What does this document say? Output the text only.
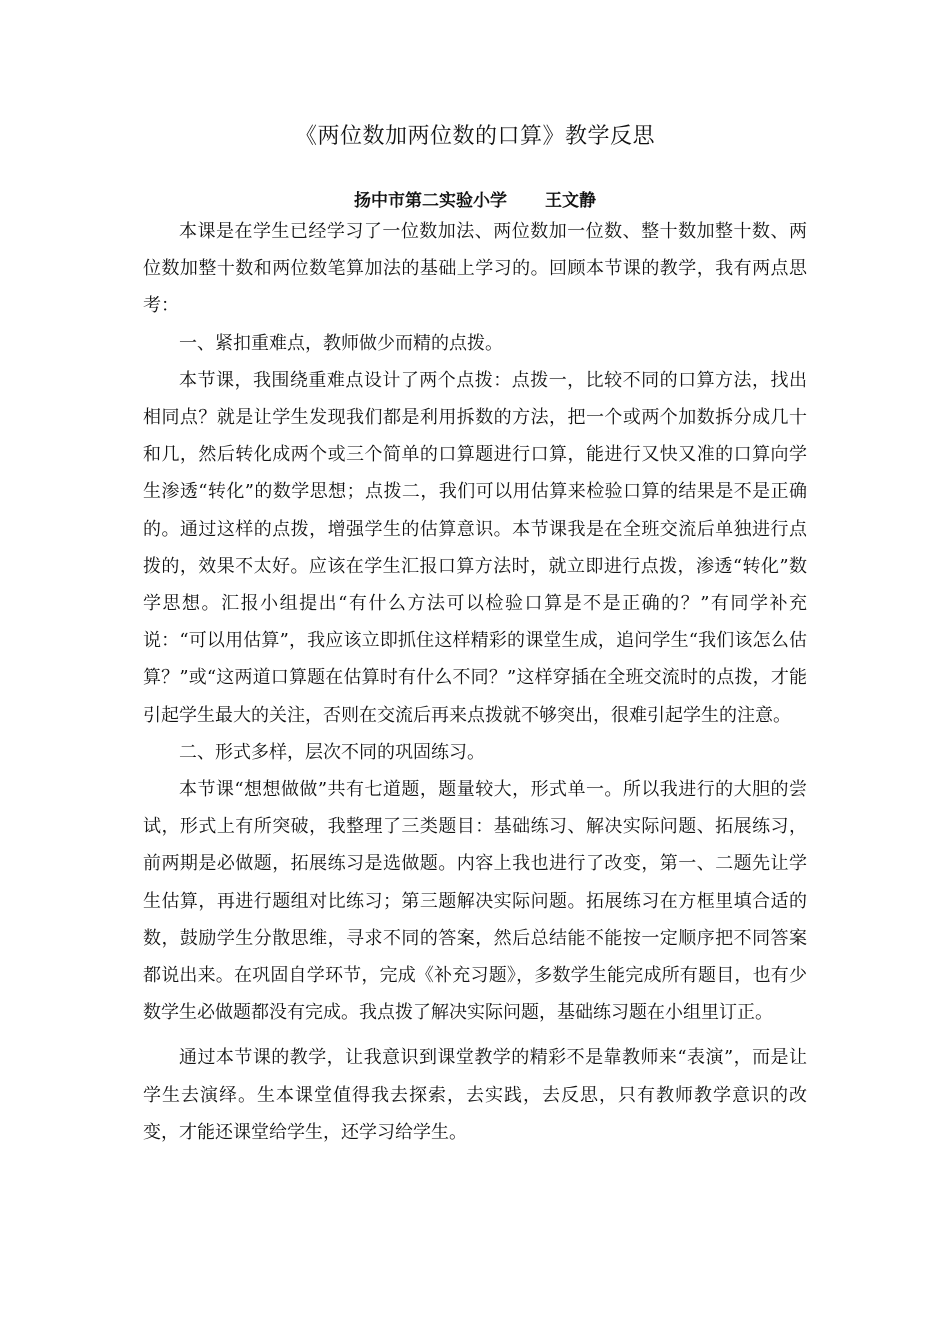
《两位数加两位数的口算》教学反思
扬中市第二实验小学 王文静

本课是在学生已经学习了一位数加法、两位数加一位数、整十数加整十数、两位数加整十数和两位数笔算加法的基础上学习的。回顾本节课的教学，我有两点思考：

一、紧扣重难点，教师做少而精的点拨。

本节课，我围绕重难点设计了两个点拨：点拨一，比较不同的口算方法，找出相同点？就是让学生发现我们都是利用拆数的方法，把一个或两个加数拆分成几十和几，然后转化成两个或三个简单的口算题进行口算，能进行又快又准的口算向学生渗透“转化”的数学思想；点拨二，我们可以用估算来检验口算的结果是不是正确的。通过这样的点拨，增强学生的估算意识。本节课我是在全班交流后单独进行点拨的，效果不太好。应该在学生汇报口算方法时，就立即进行点拨，渗透“转化”数学思想。汇报小组提出“有什么方法可以检验口算是不是正确的？”有同学补充说：“可以用估算”，我应该立即抓住这样精彩的课堂生成，追问学生“我们该怎么估算？”或“这两道口算题在估算时有什么不同？”这样穿插在全班交流时的点拨，才能引起学生最大的关注，否则在交流后再来点拨就不够突出，很难引起学生的注意。

二、形式多样，层次不同的巩固练习。

本节课“想想做做”共有七道题，题量较大，形式单一。所以我进行的大胆的尝试，形式上有所突破，我整理了三类题目：基础练习、解决实际问题、拓展练习，前两期是必做题，拓展练习是选做题。内容上我也进行了改变，第一、二题先让学生估算，再进行题组对比练习；第三题解决实际问题。拓展练习在方框里填合适的数，鼓励学生分散思维，寻求不同的答案，然后总结能不能按一定顺序把不同答案都说出来。在巩固自学环节，完成《补充习题》，多数学生能完成所有题目，也有少数学生必做题都没有完成。我点拨了解决实际问题，基础练习题在小组里订正。

通过本节课的教学，让我意识到课堂教学的精彩不是靠教师来“表演”，而是让学生去演绎。生本课堂值得我去探索，去实践，去反思，只有教师教学意识的改变，才能还课堂给学生，还学习给学生。
